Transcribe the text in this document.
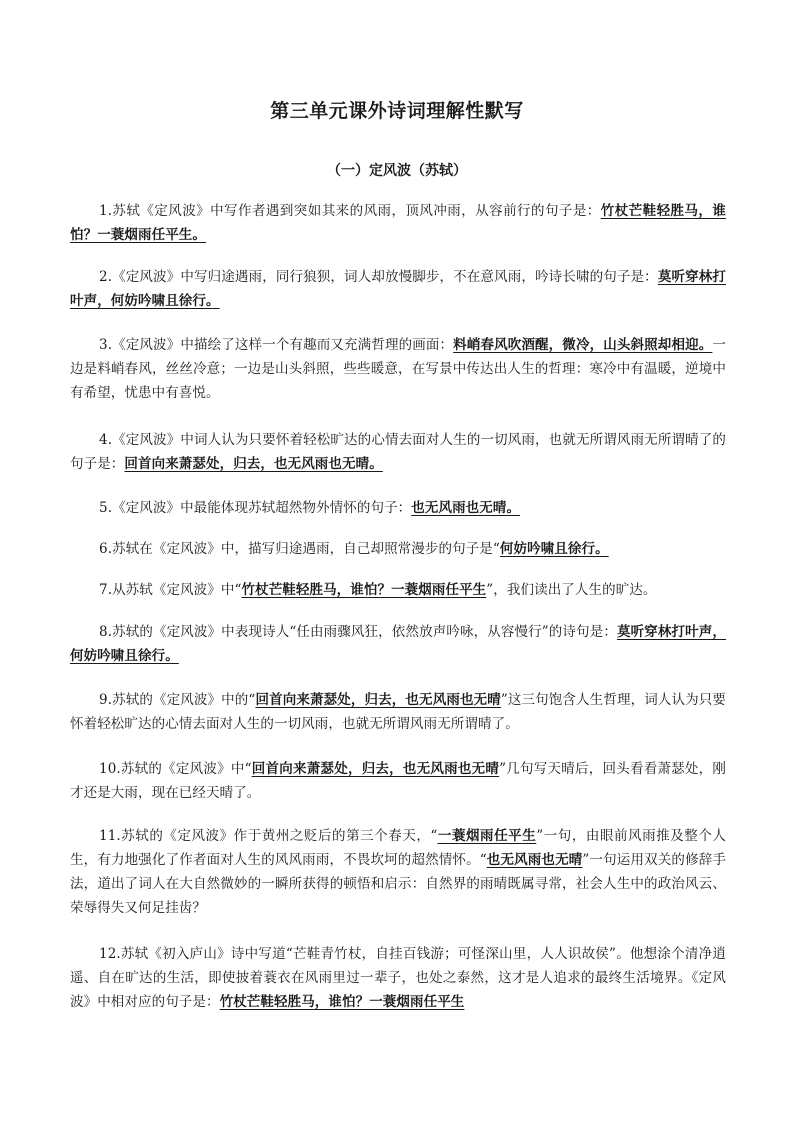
第三单元课外诗词理解性默写
（一）定风波（苏轼）

1.苏轼《定风波》中写作者遇到突如其来的风雨，顶风冲雨，从容前行的句子是：竹杖芒鞋轻胜马，谁怕？一蓑烟雨任平生。

2.《定风波》中写归途遇雨，同行狼狈，词人却放慢脚步，不在意风雨，吟诗长啸的句子是：莫听穿林打叶声，何妨吟啸且徐行。

3.《定风波》中描绘了这样一个有趣而又充满哲理的画面：料峭春风吹酒醒，微冷，山头斜照却相迎。一边是料峭春风，丝丝冷意；一边是山头斜照，些些暖意，在写景中传达出人生的哲理：寒冷中有温暖，逆境中有希望，忧患中有喜悦。

4.《定风波》中词人认为只要怀着轻松旷达的心情去面对人生的一切风雨，也就无所谓风雨无所谓晴了的句子是：回首向来萧瑟处，归去，也无风雨也无晴。

5.《定风波》中最能体现苏轼超然物外情怀的句子：也无风雨也无晴。

6.苏轼在《定风波》中，描写归途遇雨，自己却照常漫步的句子是“何妨吟啸且徐行。

7.从苏轼《定风波》中“竹杖芒鞋轻胜马，谁怕？一蓑烟雨任平生”，我们读出了人生的旷达。

8.苏轼的《定风波》中表现诗人“任由雨骤风狂，依然放声吟咏，从容慢行”的诗句是：莫听穿林打叶声，何妨吟啸且徐行。

9.苏轼的《定风波》中的“回首向来萧瑟处，归去，也无风雨也无晴”这三句饱含人生哲理，词人认为只要怀着轻松旷达的心情去面对人生的一切风雨，也就无所谓风雨无所谓晴了。

10.苏轼的《定风波》中“回首向来萧瑟处，归去，也无风雨也无晴”几句写天晴后，回头看看萧瑟处，刚才还是大雨，现在已经天晴了。

11.苏轼的《定风波》作于黄州之贬后的第三个春天，“一蓑烟雨任平生”一句，由眼前风雨推及整个人生，有力地强化了作者面对人生的风风雨雨，不畏坎坷的超然情怀。“也无风雨也无晴”一句运用双关的修辞手法，道出了词人在大自然微妙的一瞬所获得的顿悟和启示：自然界的雨晴既属寻常，社会人生中的政治风云、荣辱得失又何足挂齿？

12.苏轼《初入庐山》诗中写道“芒鞋青竹杖，自挂百钱游；可怪深山里，人人识故侯”。他想涂个清净逍遥、自在旷达的生活，即使披着蓑衣在风雨里过一辈子，也处之泰然，这才是人追求的最终生活境界。《定风波》中相对应的句子是：竹杖芒鞋轻胜马，谁怕？一蓑烟雨任平生
